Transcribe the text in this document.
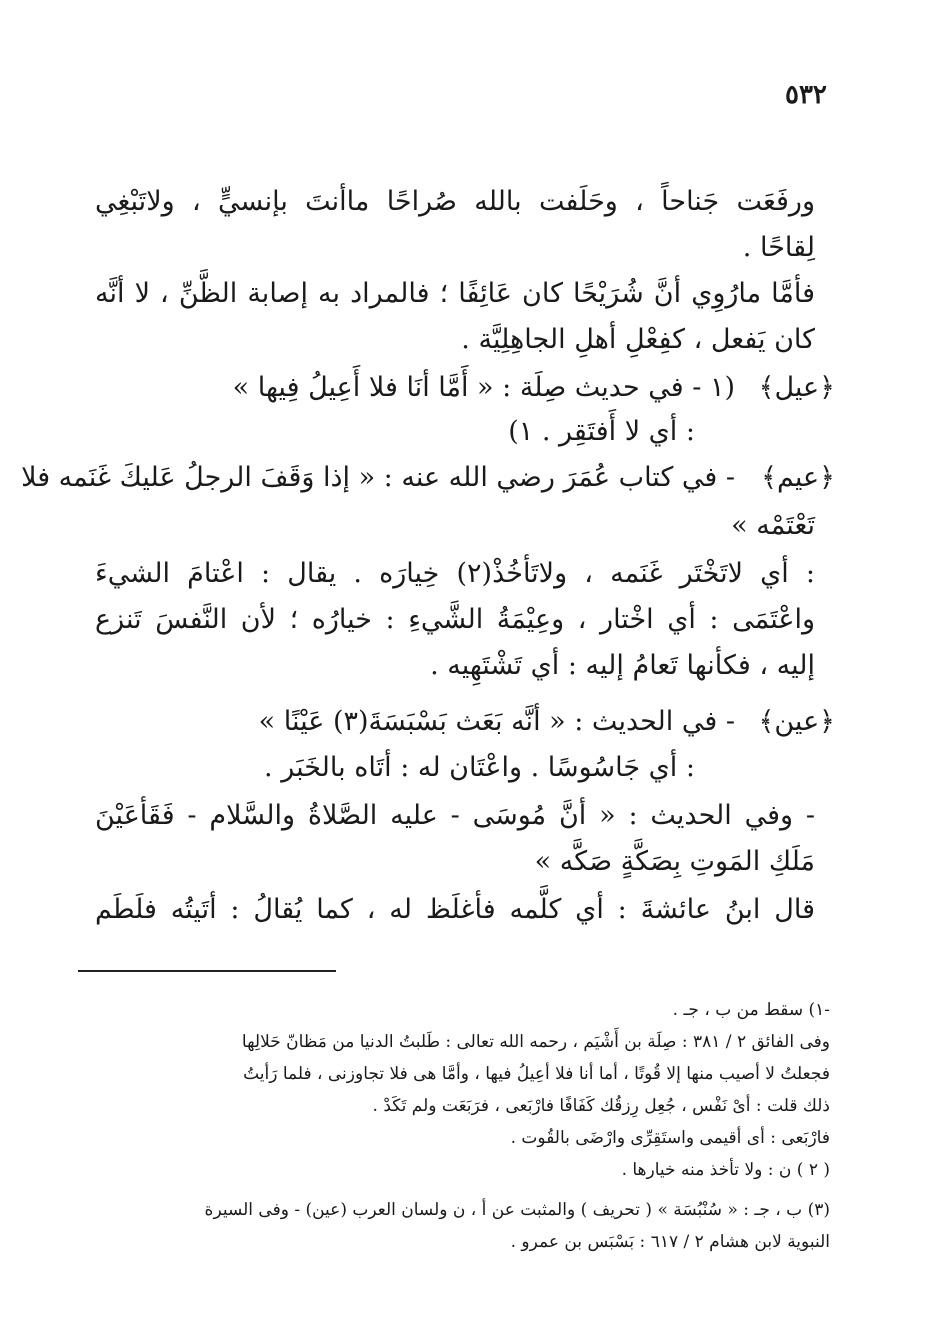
٥٣٢
ورفَعَت جَناحاً ، وحَلَفت بالله صُراحًا ماأنتَ بإنسيٍّ ، ولاتَبْغِي
لِقاحًا .
فأمَّا مارُوِي أنَّ شُرَيْحًا كان عَائِفًا ؛ فالمراد به إصابة الظَّنِّ ، لا أنَّه
كان يَفعل ، كفِعْلِ أهلِ الجاهِلِيَّة .
﴿عيل﴾
(١ - في حديث صِلَة : « أَمَّا أنَا فلا أَعِيلُ فِيها »
: أي لا أَفتَقِر . ١)
﴿عيم﴾
- في كتاب عُمَرَ رضي الله عنه : « إذا وَقَفَ الرجلُ عَليكَ غَنَمه فلا
تَعْتَمْه »
: أي لاتَخْتَر غَنَمه ، ولاتَأخُذْ(٢) خِيارَه . يقال : اعْتامَ الشيءَ
واعْتَمَى : أي اخْتار ، وعِيْمَةُ الشَّيءِ : خيارُه ؛ لأن النَّفسَ تَنزع
إليه ، فكأنها تَعامُ إليه : أي تَشْتَهِيه .
﴿عين﴾
- في الحديث : « أنَّه بَعَث بَسْبَسَةَ(٣) عَيْنًا »
: أي جَاسُوسًا . واعْتَان له : أتَاه بالخَبَر .
- وفي الحديث : « أنَّ مُوسَى - عليه الصَّلاةُ والسَّلام - فَقَأعَيْنَ
مَلَكِ المَوتِ بِصَكَّةٍ صَكَّه »
قال ابنُ عائشةَ : أي كلَّمه فأغلَظ له ، كما يُقالُ : أتَيتُه فلَطَم
-١) سقط من ب ، جـ .
وفى الفائق ٢ / ٣٨١ : صِلَة بن أَشْيَم ، رحمه الله تعالى : طَلبتُ الدنيا من مَظانّ حَلالِها
فجعلتُ لا أصيب منها إلا قُوتًا ، أما أنا فلا أعِيلُ فيها ، وأمَّا هى فلا تجاوزنى ، فلما رَأيتُ
ذلك قلت : أىْ نَفْس ، جُعِل رِزقُك كَفَافًا فارْبَعى ، فرَبَعَت ولم تَكَدْ .
فارْبَعى : أى أقيمى واستَقِرِّى وارْضَى بالقُوت .
( ٢ ) ن : ولا تأخذ منه خيارها .
(٣) ب ، جـ : « سُنْبُسَة » ( تحريف ) والمثبت عن أ ، ن ولسان العرب (عين) - وفى السيرة
النبوية لابن هشام ٢ / ٦١٧ : بَسْبَس بن عمرو .
